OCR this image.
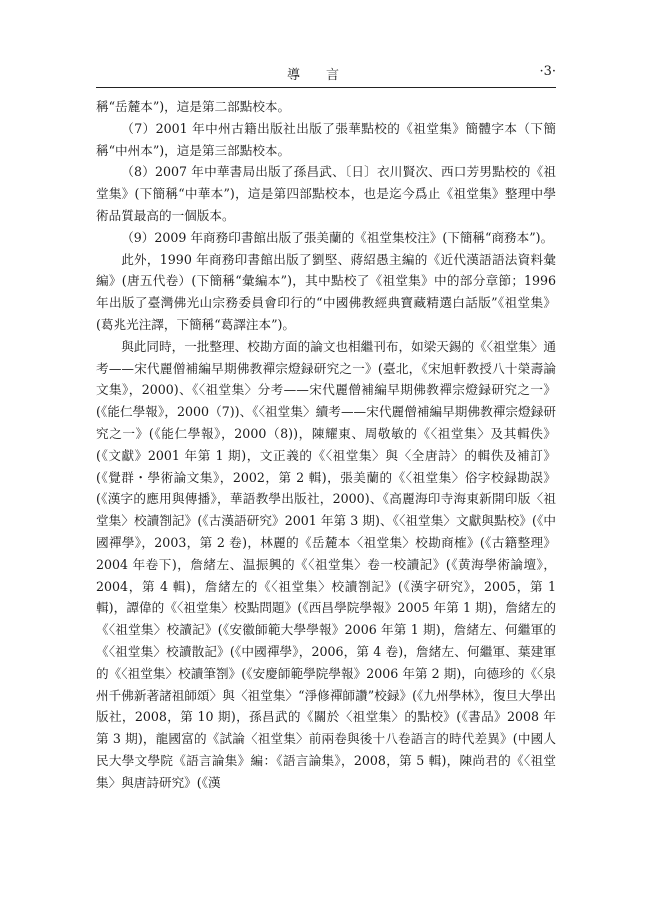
導言	·3·

稱“岳麓本”)，這是第二部點校本。

（7）2001 年中州古籍出版社出版了張華點校的《祖堂集》簡體字本（下簡稱“中州本”)，這是第三部點校本。

（8）2007 年中華書局出版了孫昌武、〔日〕衣川賢次、西口芳男點校的《祖堂集》(下簡稱“中華本”)，這是第四部點校本，也是迄今爲止《祖堂集》整理中學術品質最高的一個版本。

（9）2009 年商務印書館出版了張美蘭的《祖堂集校注》(下簡稱“商務本”)。

此外，1990 年商務印書館出版了劉堅、蔣紹愚主編的《近代漢語語法資料彙編》(唐五代卷）(下簡稱“彙編本”)，其中點校了《祖堂集》中的部分章節；1996 年出版了臺灣佛光山宗務委員會印行的“中國佛教經典寶藏精選白話版”《祖堂集》(葛兆光注譯，下簡稱“葛譯注本”)。

與此同時，一批整理、校勘方面的論文也相繼刊布，如梁天錫的《〈祖堂集〉通考——宋代麗僧補編早期佛教禪宗燈録研究之一》(臺北，《宋旭軒教授八十榮壽論文集》，2000)、《〈祖堂集〉分考——宋代麗僧補編早期佛教禪宗燈録研究之一》(《能仁學報》，2000（7))、《〈祖堂集〉續考——宋代麗僧補編早期佛教禪宗燈録研究之一》(《能仁學報》，2000（8))，陳耀東、周敬敏的《〈祖堂集〉及其輯佚》(《文獻》2001 年第 1 期)，文正義的《〈祖堂集〉與〈全唐詩〉的輯佚及補訂》(《覺群・學術論文集》，2002，第 2 輯)，張美蘭的《〈祖堂集〉俗字校録勘誤》(《漢字的應用與傳播》，華語教學出版社，2000)、《高麗海印寺海東新開印版〈祖堂集〉校讀劄記》(《古漢語研究》2001 年第 3 期)、《〈祖堂集〉文獻與點校》(《中國禪學》，2003，第 2 卷)，林麗的《岳麓本〈祖堂集〉校勘商榷》(《古籍整理》2004 年卷下)，詹緒左、温振興的《〈祖堂集〉卷一校讀記》(《黄海學術論壇》，2004，第 4 輯)，詹緒左的《〈祖堂集〉校讀劄記》(《漢字研究》，2005，第 1 輯)，譚偉的《〈祖堂集〉校點問題》(《西昌學院學報》2005 年第 1 期)，詹緒左的《〈祖堂集〉校讀記》(《安徽師範大學學報》2006 年第 1 期)，詹緒左、何繼軍的《〈祖堂集〉校讀散記》(《中國禪學》，2006，第 4 卷)，詹緒左、何繼軍、葉建軍的《〈祖堂集〉校讀筆劄》(《安慶師範學院學報》2006 年第 2 期)，向德珍的《〈泉州千佛新著諸祖師頌〉與〈祖堂集〉“淨修禪師讚”校録》(《九州學林》，復旦大學出版社，2008，第 10 期)，孫昌武的《關於〈祖堂集〉的點校》(《書品》2008 年第 3 期)，龍國富的《試論〈祖堂集〉前兩卷與後十八卷語言的時代差異》(中國人民大學文學院《語言論集》編：《語言論集》，2008，第 5 輯)，陳尚君的《〈祖堂集〉與唐詩研究》(《漢
